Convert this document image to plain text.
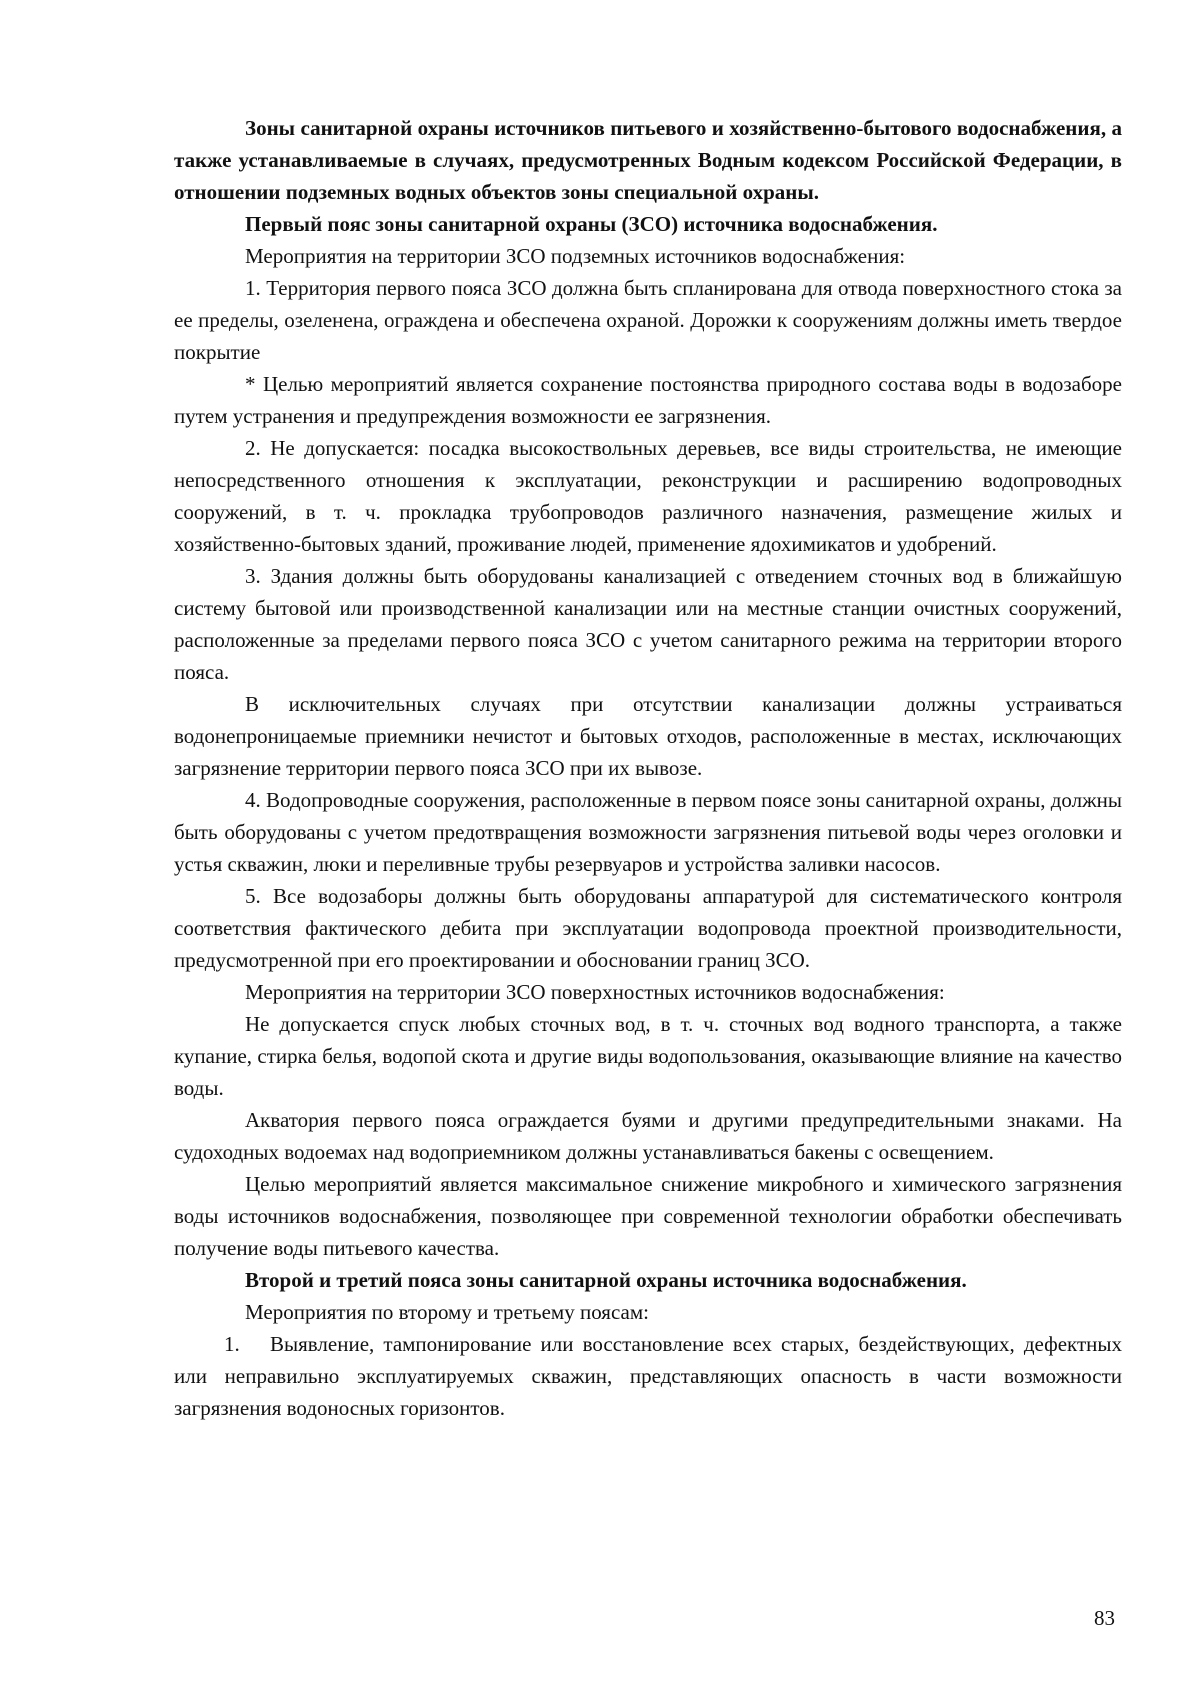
Зоны санитарной охраны источников питьевого и хозяйственно-бытового водоснабжения, а также устанавливаемые в случаях, предусмотренных Водным кодексом Российской Федерации, в отношении подземных водных объектов зоны специальной охраны.

Первый пояс зоны санитарной охраны (ЗСО) источника водоснабжения.

Мероприятия на территории ЗСО подземных источников водоснабжения:

1. Территория первого пояса ЗСО должна быть спланирована для отвода поверхностного стока за ее пределы, озеленена, ограждена и обеспечена охраной. Дорожки к сооружениям должны иметь твердое покрытие

* Целью мероприятий является сохранение постоянства природного состава воды в водозаборе путем устранения и предупреждения возможности ее загрязнения.

2. Не допускается: посадка высокоствольных деревьев, все виды строительства, не имеющие непосредственного отношения к эксплуатации, реконструкции и расширению водопроводных сооружений, в т. ч. прокладка трубопроводов различного назначения, размещение жилых и хозяйственно-бытовых зданий, проживание людей, применение ядохимикатов и удобрений.

3. Здания должны быть оборудованы канализацией с отведением сточных вод в ближайшую систему бытовой или производственной канализации или на местные станции очистных сооружений, расположенные за пределами первого пояса ЗСО с учетом санитарного режима на территории второго пояса.

В исключительных случаях при отсутствии канализации должны устраиваться водонепроницаемые приемники нечистот и бытовых отходов, расположенные в местах, исключающих загрязнение территории первого пояса ЗСО при их вывозе.

4. Водопроводные сооружения, расположенные в первом поясе зоны санитарной охраны, должны быть оборудованы с учетом предотвращения возможности загрязнения питьевой воды через оголовки и устья скважин, люки и переливные трубы резервуаров и устройства заливки насосов.

5. Все водозаборы должны быть оборудованы аппаратурой для систематического контроля соответствия фактического дебита при эксплуатации водопровода проектной производительности, предусмотренной при его проектировании и обосновании границ ЗСО.

Мероприятия на территории ЗСО поверхностных источников водоснабжения:

Не допускается спуск любых сточных вод, в т. ч. сточных вод водного транспорта, а также купание, стирка белья, водопой скота и другие виды водопользования, оказывающие влияние на качество воды.

Акватория первого пояса ограждается буями и другими предупредительными знаками. На судоходных водоемах над водоприемником должны устанавливаться бакены с освещением.

Целью мероприятий является максимальное снижение микробного и химического загрязнения воды источников водоснабжения, позволяющее при современной технологии обработки обеспечивать получение воды питьевого качества.

Второй и третий пояса зоны санитарной охраны источника водоснабжения.

Мероприятия по второму и третьему поясам:

1. Выявление, тампонирование или восстановление всех старых, бездействующих, дефектных или неправильно эксплуатируемых скважин, представляющих опасность в части возможности загрязнения водоносных горизонтов.

83
